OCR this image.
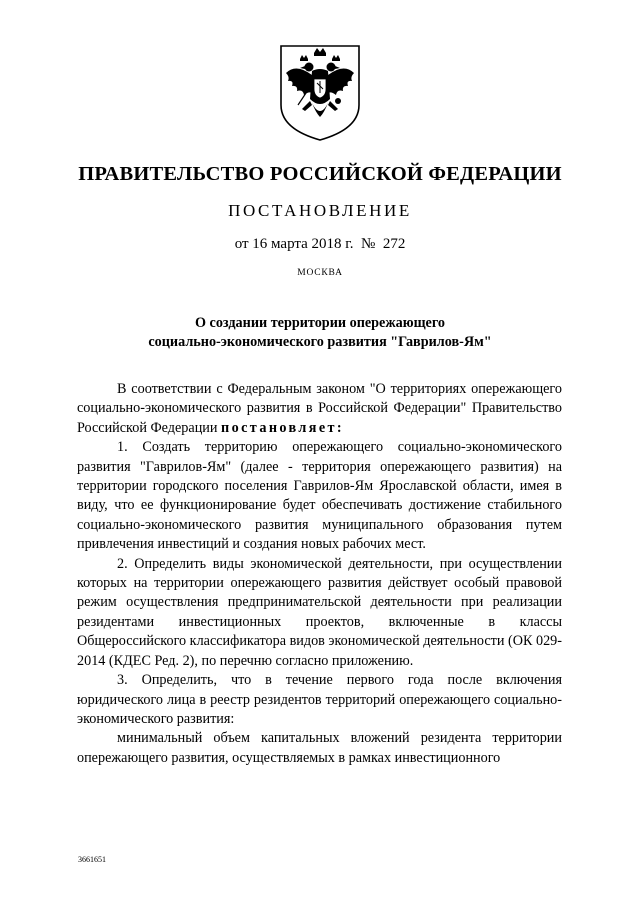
ПРАВИТЕЛЬСТВО РОССИЙСКОЙ ФЕДЕРАЦИИ
ПОСТАНОВЛЕНИЕ
от 16 марта 2018 г.  №  272
МОСКВА
О создании территории опережающего
социально-экономического развития "Гаврилов-Ям"

В соответствии с Федеральным законом "О территориях опережающего социально-экономического развития в Российской Федерации" Правительство Российской Федерации постановляет:

1. Создать территорию опережающего социально-экономического развития "Гаврилов-Ям" (далее - территория опережающего развития) на территории городского поселения Гаврилов-Ям Ярославской области, имея в виду, что ее функционирование будет обеспечивать достижение стабильного социально-экономического развития муниципального образования путем привлечения инвестиций и создания новых рабочих мест.

2. Определить виды экономической деятельности, при осуществлении которых на территории опережающего развития действует особый правовой режим осуществления предпринимательской деятельности при реализации резидентами инвестиционных проектов, включенные в классы Общероссийского классификатора видов экономической деятельности (ОК 029-2014 (КДЕС Ред. 2), по перечню согласно приложению.

3. Определить, что в течение первого года после включения юридического лица в реестр резидентов территорий опережающего социально-экономического развития:

минимальный объем капитальных вложений резидента территории опережающего развития, осуществляемых в рамках инвестиционного

3661651
